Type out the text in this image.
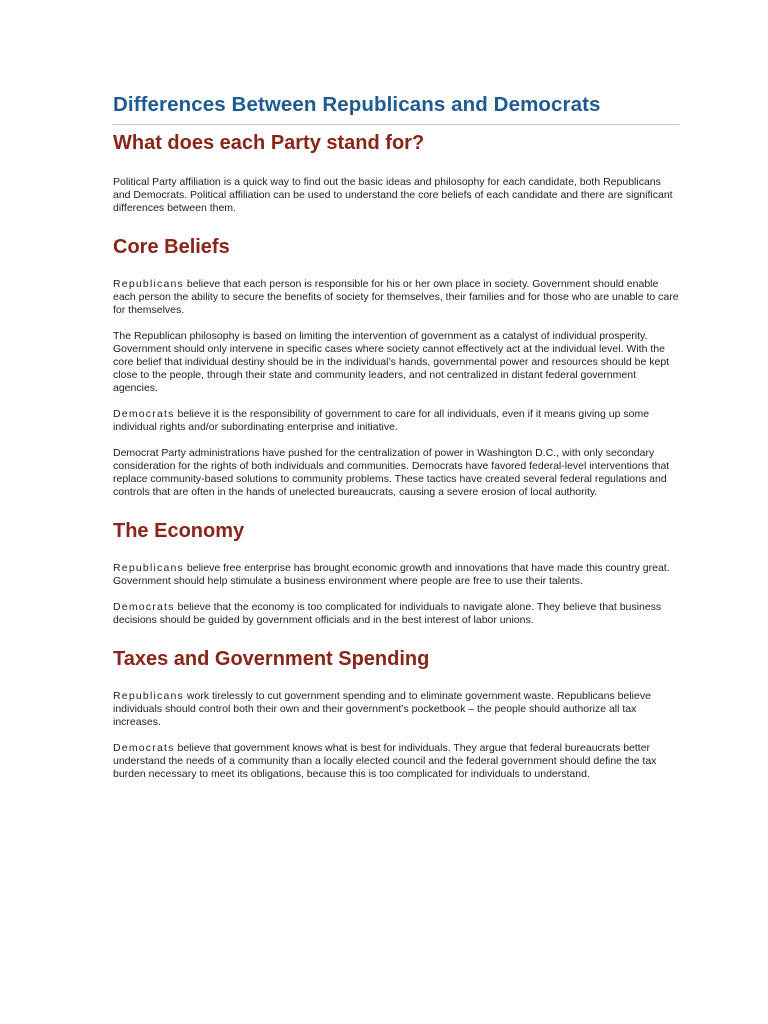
Differences Between Republicans and Democrats
What does each Party stand for?

Political Party affiliation is a quick way to find out the basic ideas and philosophy for each candidate, both Republicans and Democrats. Political affiliation can be used to understand the core beliefs of each candidate and there are significant differences between them.

Core Beliefs

Republicans believe that each person is responsible for his or her own place in society. Government should enable each person the ability to secure the benefits of society for themselves, their families and for those who are unable to care for themselves.

The Republican philosophy is based on limiting the intervention of government as a catalyst of individual prosperity. Government should only intervene in specific cases where society cannot effectively act at the individual level. With the core belief that individual destiny should be in the individual’s hands, governmental power and resources should be kept close to the people, through their state and community leaders, and not centralized in distant federal government agencies.

Democrats believe it is the responsibility of government to care for all individuals, even if it means giving up some individual rights and/or subordinating enterprise and initiative.

Democrat Party administrations have pushed for the centralization of power in Washington D.C., with only secondary consideration for the rights of both individuals and communities. Democrats have favored federal-level interventions that replace community-based solutions to community problems. These tactics have created several federal regulations and controls that are often in the hands of unelected bureaucrats, causing a severe erosion of local authority.

The Economy

Republicans believe free enterprise has brought economic growth and innovations that have made this country great. Government should help stimulate a business environment where people are free to use their talents.

Democrats believe that the economy is too complicated for individuals to navigate alone. They believe that business decisions should be guided by government officials and in the best interest of labor unions.

Taxes and Government Spending

Republicans work tirelessly to cut government spending and to eliminate government waste. Republicans believe individuals should control both their own and their government’s pocketbook – the people should authorize all tax increases.

Democrats believe that government knows what is best for individuals. They argue that federal bureaucrats better understand the needs of a community than a locally elected council and the federal government should define the tax burden necessary to meet its obligations, because this is too complicated for individuals to understand.
